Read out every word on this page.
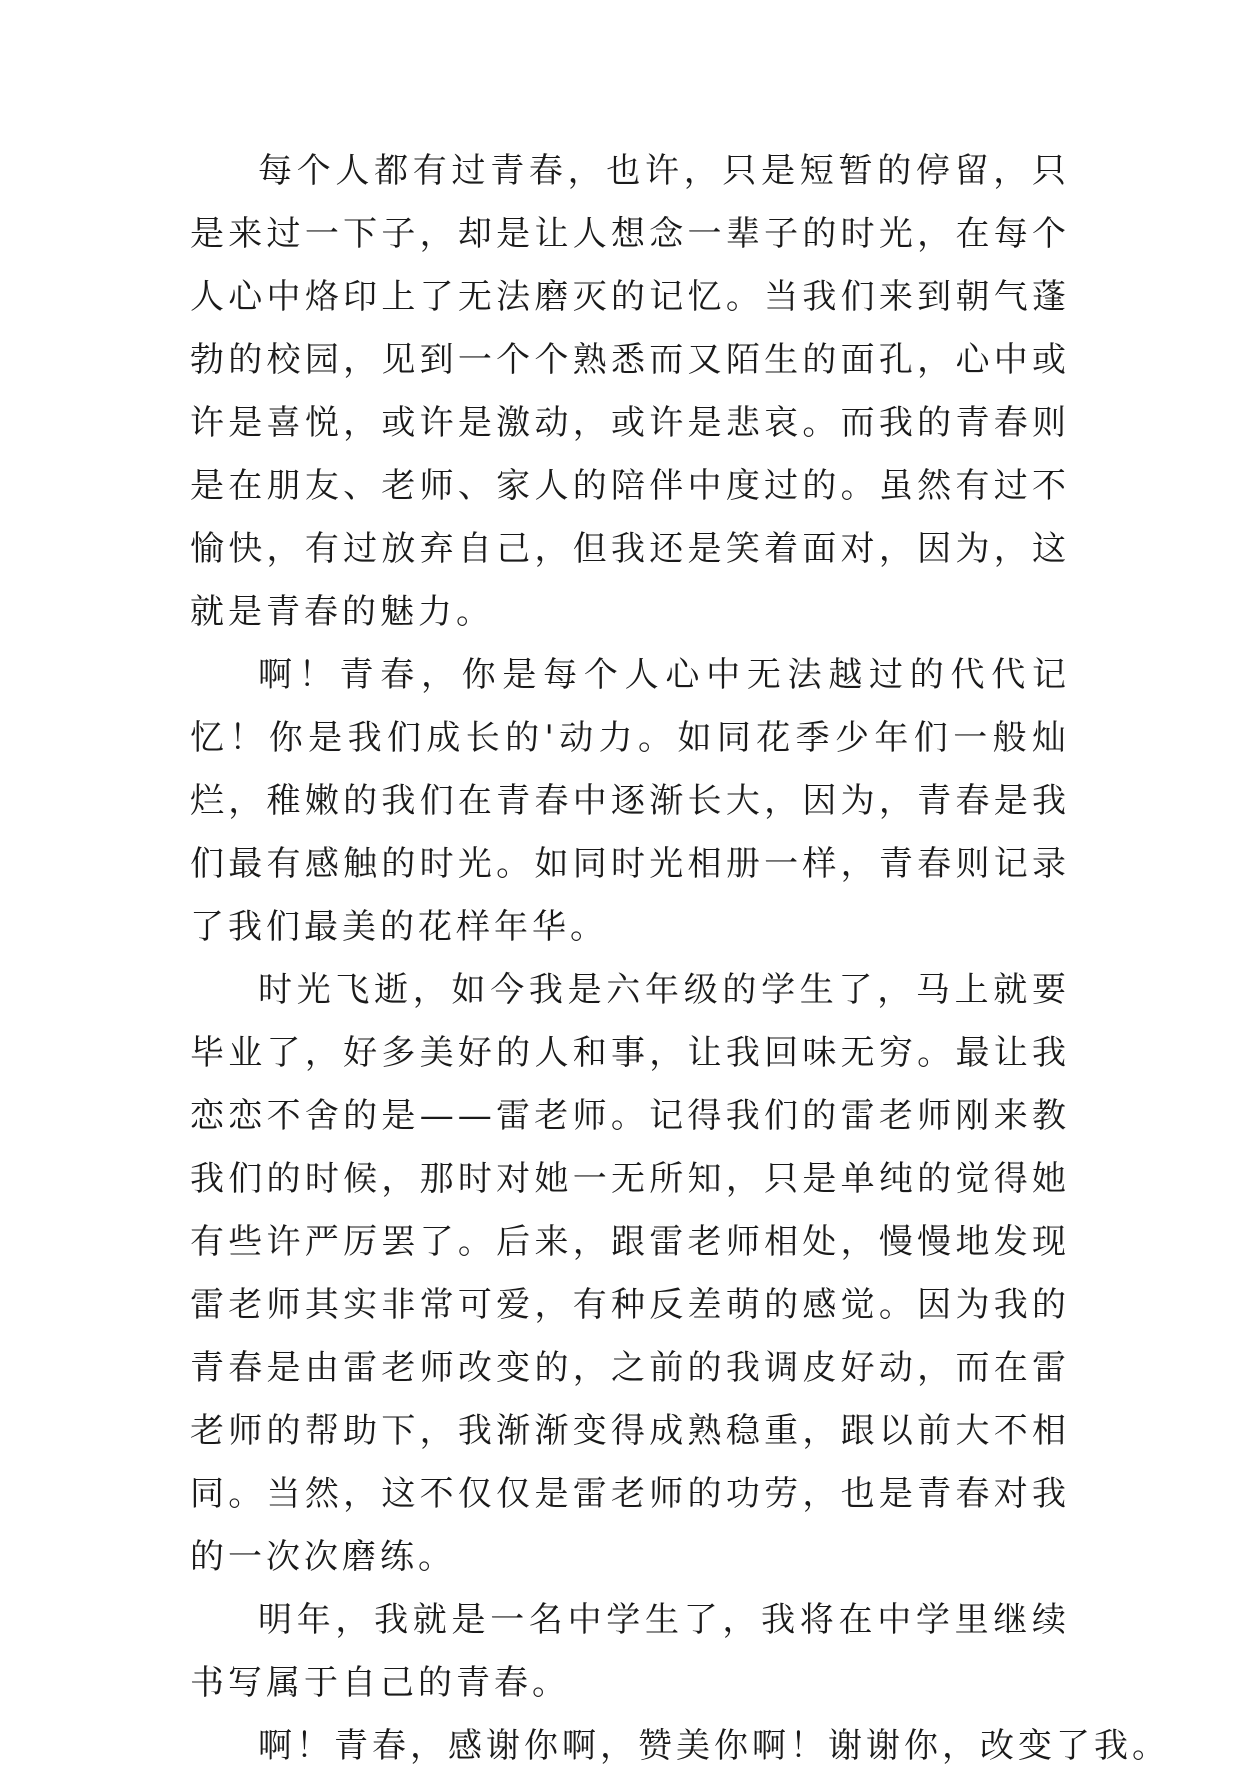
每个人都有过青春，也许，只是短暂的停留，只是来过一下子，却是让人想念一辈子的时光，在每个人心中烙印上了无法磨灭的记忆。当我们来到朝气蓬勃的校园，见到一个个熟悉而又陌生的面孔，心中或许是喜悦，或许是激动，或许是悲哀。而我的青春则是在朋友、老师、家人的陪伴中度过的。虽然有过不愉快，有过放弃自己，但我还是笑着面对，因为，这就是青春的魅力。

啊！青春，你是每个人心中无法越过的代代记忆！你是我们成长的'动力。如同花季少年们一般灿烂，稚嫩的我们在青春中逐渐长大，因为，青春是我们最有感触的时光。如同时光相册一样，青春则记录了我们最美的花样年华。

时光飞逝，如今我是六年级的学生了，马上就要毕业了，好多美好的人和事，让我回味无穷。最让我恋恋不舍的是——雷老师。记得我们的雷老师刚来教我们的时候，那时对她一无所知，只是单纯的觉得她有些许严厉罢了。后来，跟雷老师相处，慢慢地发现雷老师其实非常可爱，有种反差萌的感觉。因为我的青春是由雷老师改变的，之前的我调皮好动，而在雷老师的帮助下，我渐渐变得成熟稳重，跟以前大不相同。当然，这不仅仅是雷老师的功劳，也是青春对我的一次次磨练。

明年，我就是一名中学生了，我将在中学里继续书写属于自己的青春。

啊！青春，感谢你啊，赞美你啊！谢谢你，改变了我。
